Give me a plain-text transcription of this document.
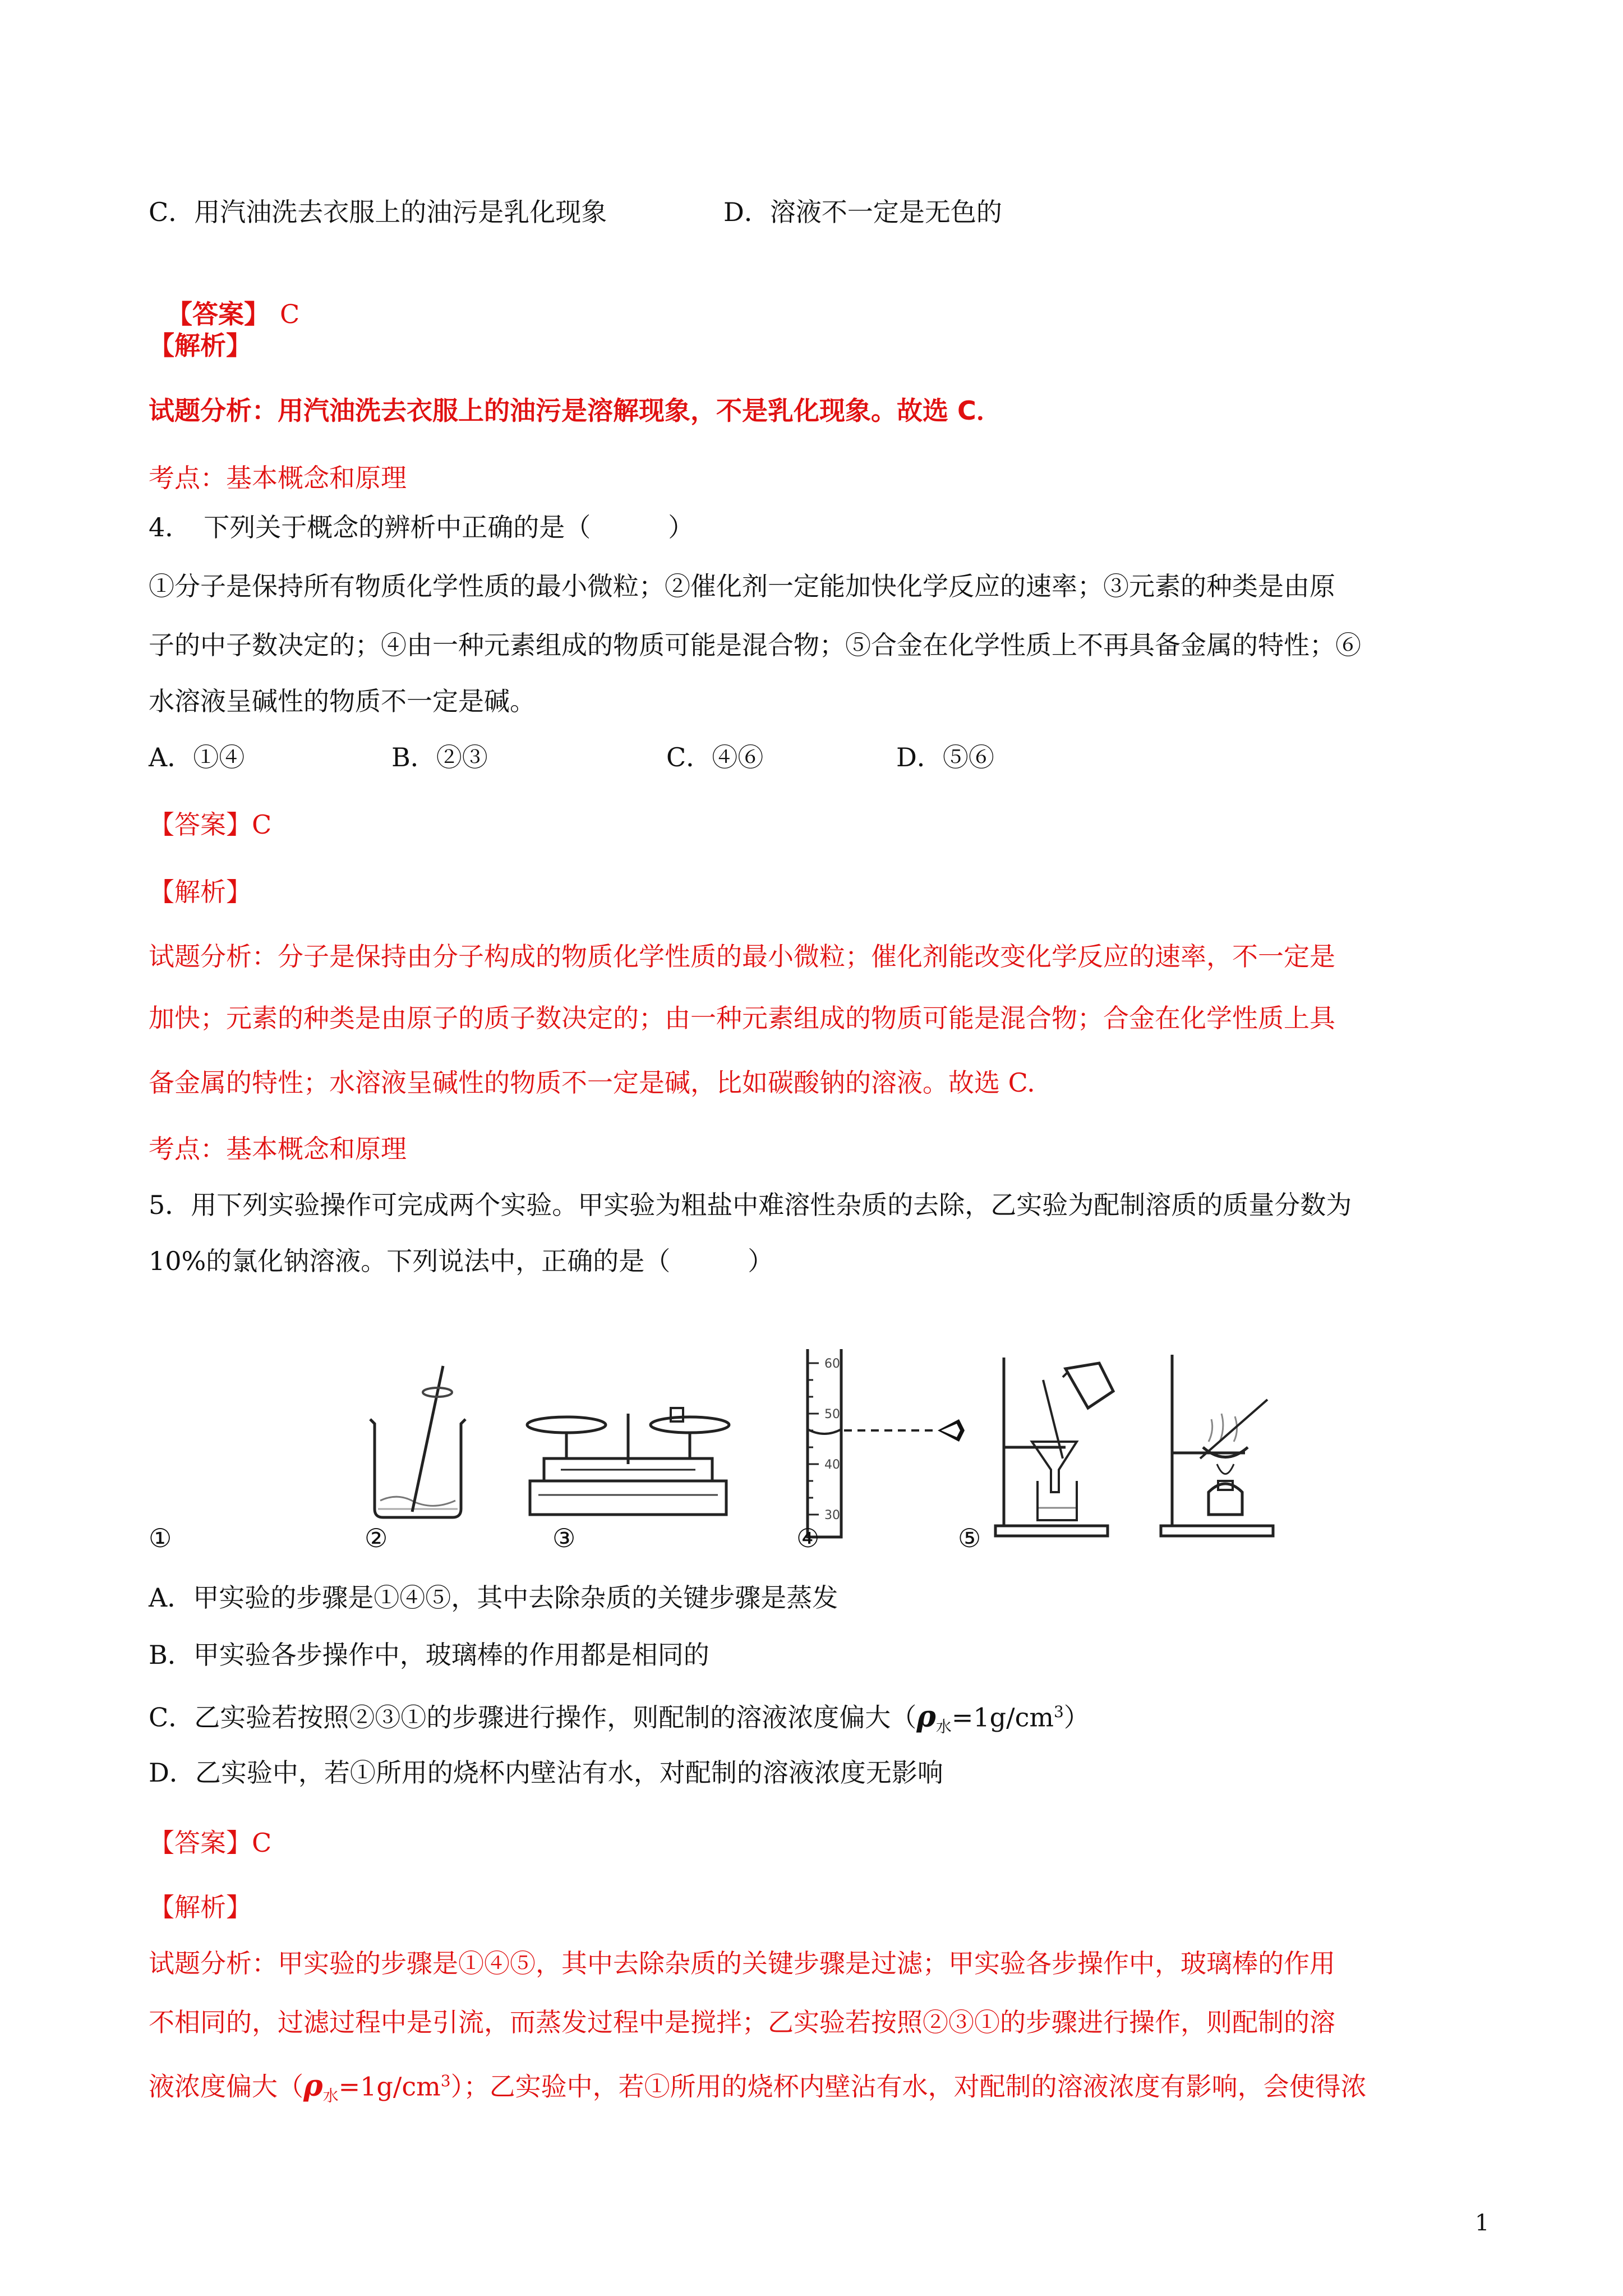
C．用汽油洗去衣服上的油污是乳化现象	D．溶液不一定是无色的

【答案】 C

【解析】
试题分析：用汽油洗去衣服上的油污是溶解现象，不是乳化现象。故选 C．
考点：基本概念和原理
4．　下列关于概念的辨析中正确的是（　　　）
①分子是保持所有物质化学性质的最小微粒；②催化剂一定能加快化学反应的速率；③元素的种类是由原
子的中子数决定的；④由一种元素组成的物质可能是混合物；⑤合金在化学性质上不再具备金属的特性；⑥
水溶液呈碱性的物质不一定是碱。
A．①④	B．②③	C．④⑥	D．⑤⑥
【答案】C
【解析】
试题分析：分子是保持由分子构成的物质化学性质的最小微粒；催化剂能改变化学反应的速率，不一定是
加快；元素的种类是由原子的质子数决定的；由一种元素组成的物质可能是混合物；合金在化学性质上具
备金属的特性；水溶液呈碱性的物质不一定是碱，比如碳酸钠的溶液。故选 C.
考点：基本概念和原理
5．用下列实验操作可完成两个实验。甲实验为粗盐中难溶性杂质的去除，乙实验为配制溶质的质量分数为
10%的氯化钠溶液。下列说法中，正确的是（　　　）
60
50
40
30
①	②	③	④	⑤
A．甲实验的步骤是①④⑤，其中去除杂质的关键步骤是蒸发
B．甲实验各步操作中，玻璃棒的作用都是相同的
C．乙实验若按照②③①的步骤进行操作，则配制的溶液浓度偏大$(\rho_水=1g/cm^3)$
D．乙实验中，若①所用的烧杯内壁沾有水，对配制的溶液浓度无影响
【答案】C
【解析】
试题分析：甲实验的步骤是①④⑤，其中去除杂质的关键步骤是过滤；甲实验各步操作中，玻璃棒的作用
不相同的，过滤过程中是引流，而蒸发过程中是搅拌；乙实验若按照②③①的步骤进行操作，则配制的溶
液浓度偏大$(\rho_水=1g/cm^3)$；乙实验中，若①所用的烧杯内壁沾有水，对配制的溶液浓度有影响，会使得浓
1
